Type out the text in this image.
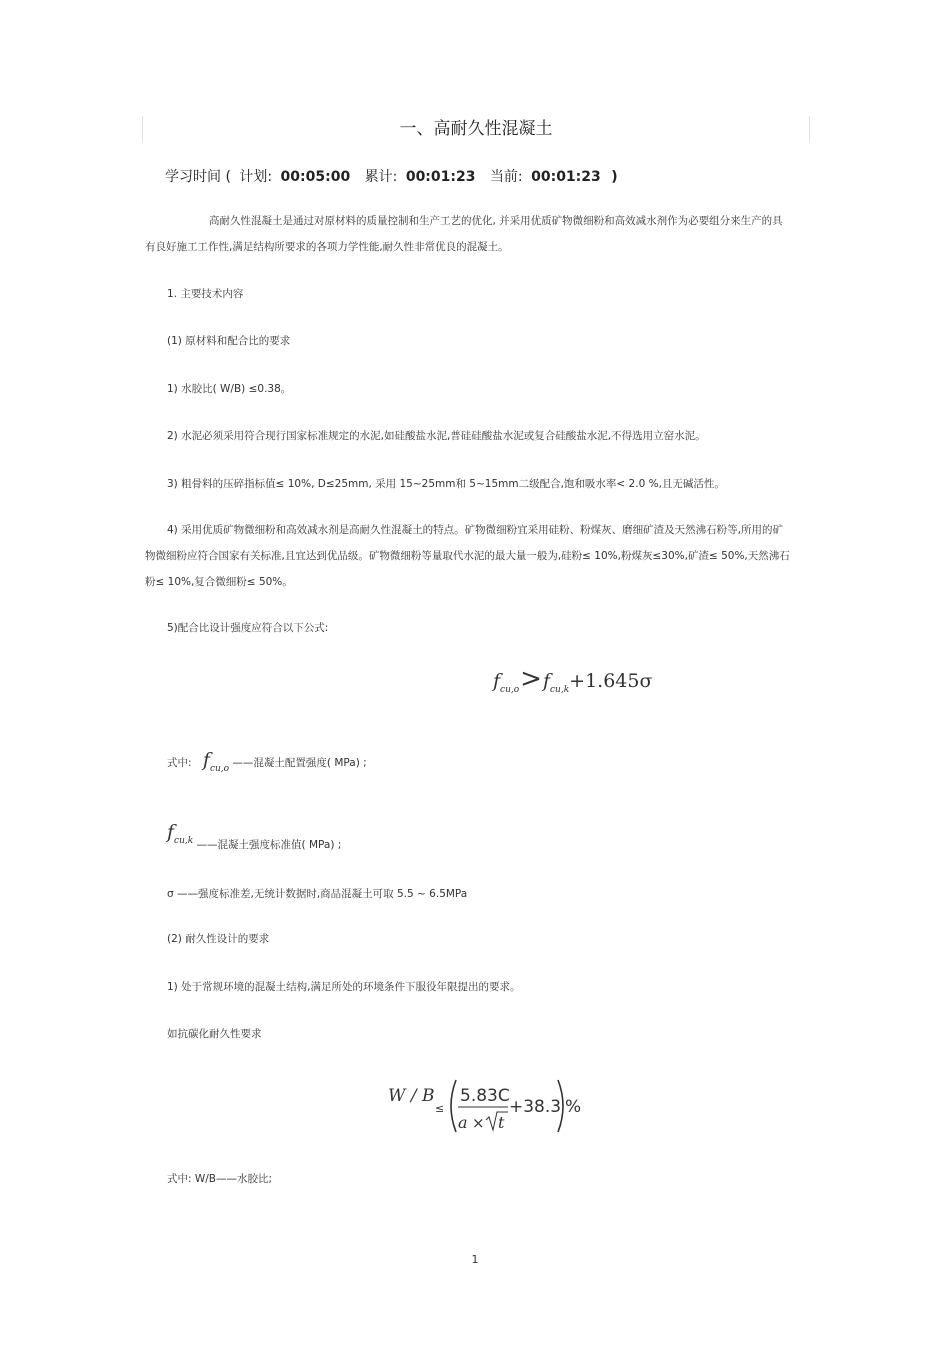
一、高耐久性混凝土
学习时间 ( 计划: 00:05:00 累计: 00:01:23 当前: 00:01:23 )
高耐久性混凝土是通过对原材料的质量控制和生产工艺的优化, 并采用优质矿物微细粉和高效减水剂作为必要组分来生产的具有良好施工工作性,满足结构所要求的各项力学性能,耐久性非常优良的混凝土。
1. 主要技术内容
(1) 原材料和配合比的要求
1) 水胶比( W/B) ≤0.38。
2) 水泥必须采用符合现行国家标准规定的水泥,如硅酸盐水泥,普硅硅酸盐水泥或复合硅酸盐水泥,不得选用立窑水泥。
3) 粗骨料的压碎指标值≤ 10%, D≤25mm, 采用 15~25mm和 5~15mm二级配合,饱和吸水率< 2.0 %,且无碱活性。
4) 采用优质矿物微细粉和高效减水剂是高耐久性混凝土的特点。矿物微细粉宜采用硅粉、粉煤灰、磨细矿渣及天然沸石粉等,所用的矿物微细粉应符合国家有关标准,且宜达到优品级。矿物微细粉等量取代水泥的最大量一般为,硅粉≤ 10%,粉煤灰≤30%,矿渣≤ 50%,天然沸石粉≤ 10%,复合微细粉≤ 50%。
5)配合比设计强度应符合以下公式:
$f_{cu,o}>f_{cu,k}+1.645\sigma$
式中: fcu,o ——混凝土配置强度( MPa) ;
fcu,k ——混凝土强度标准值( MPa) ;
σ ——强度标准差,无统计数据时,商品混凝土可取 5.5 ~ 6.5MPa
(2) 耐久性设计的要求
1) 处于常规环境的混凝土结构,满足所处的环境条件下服役年限提出的要求。
如抗碳化耐久性要求
W / B
≤
5.83C
a × t
+38.3 %
式中: W/B——水胶比;
1
